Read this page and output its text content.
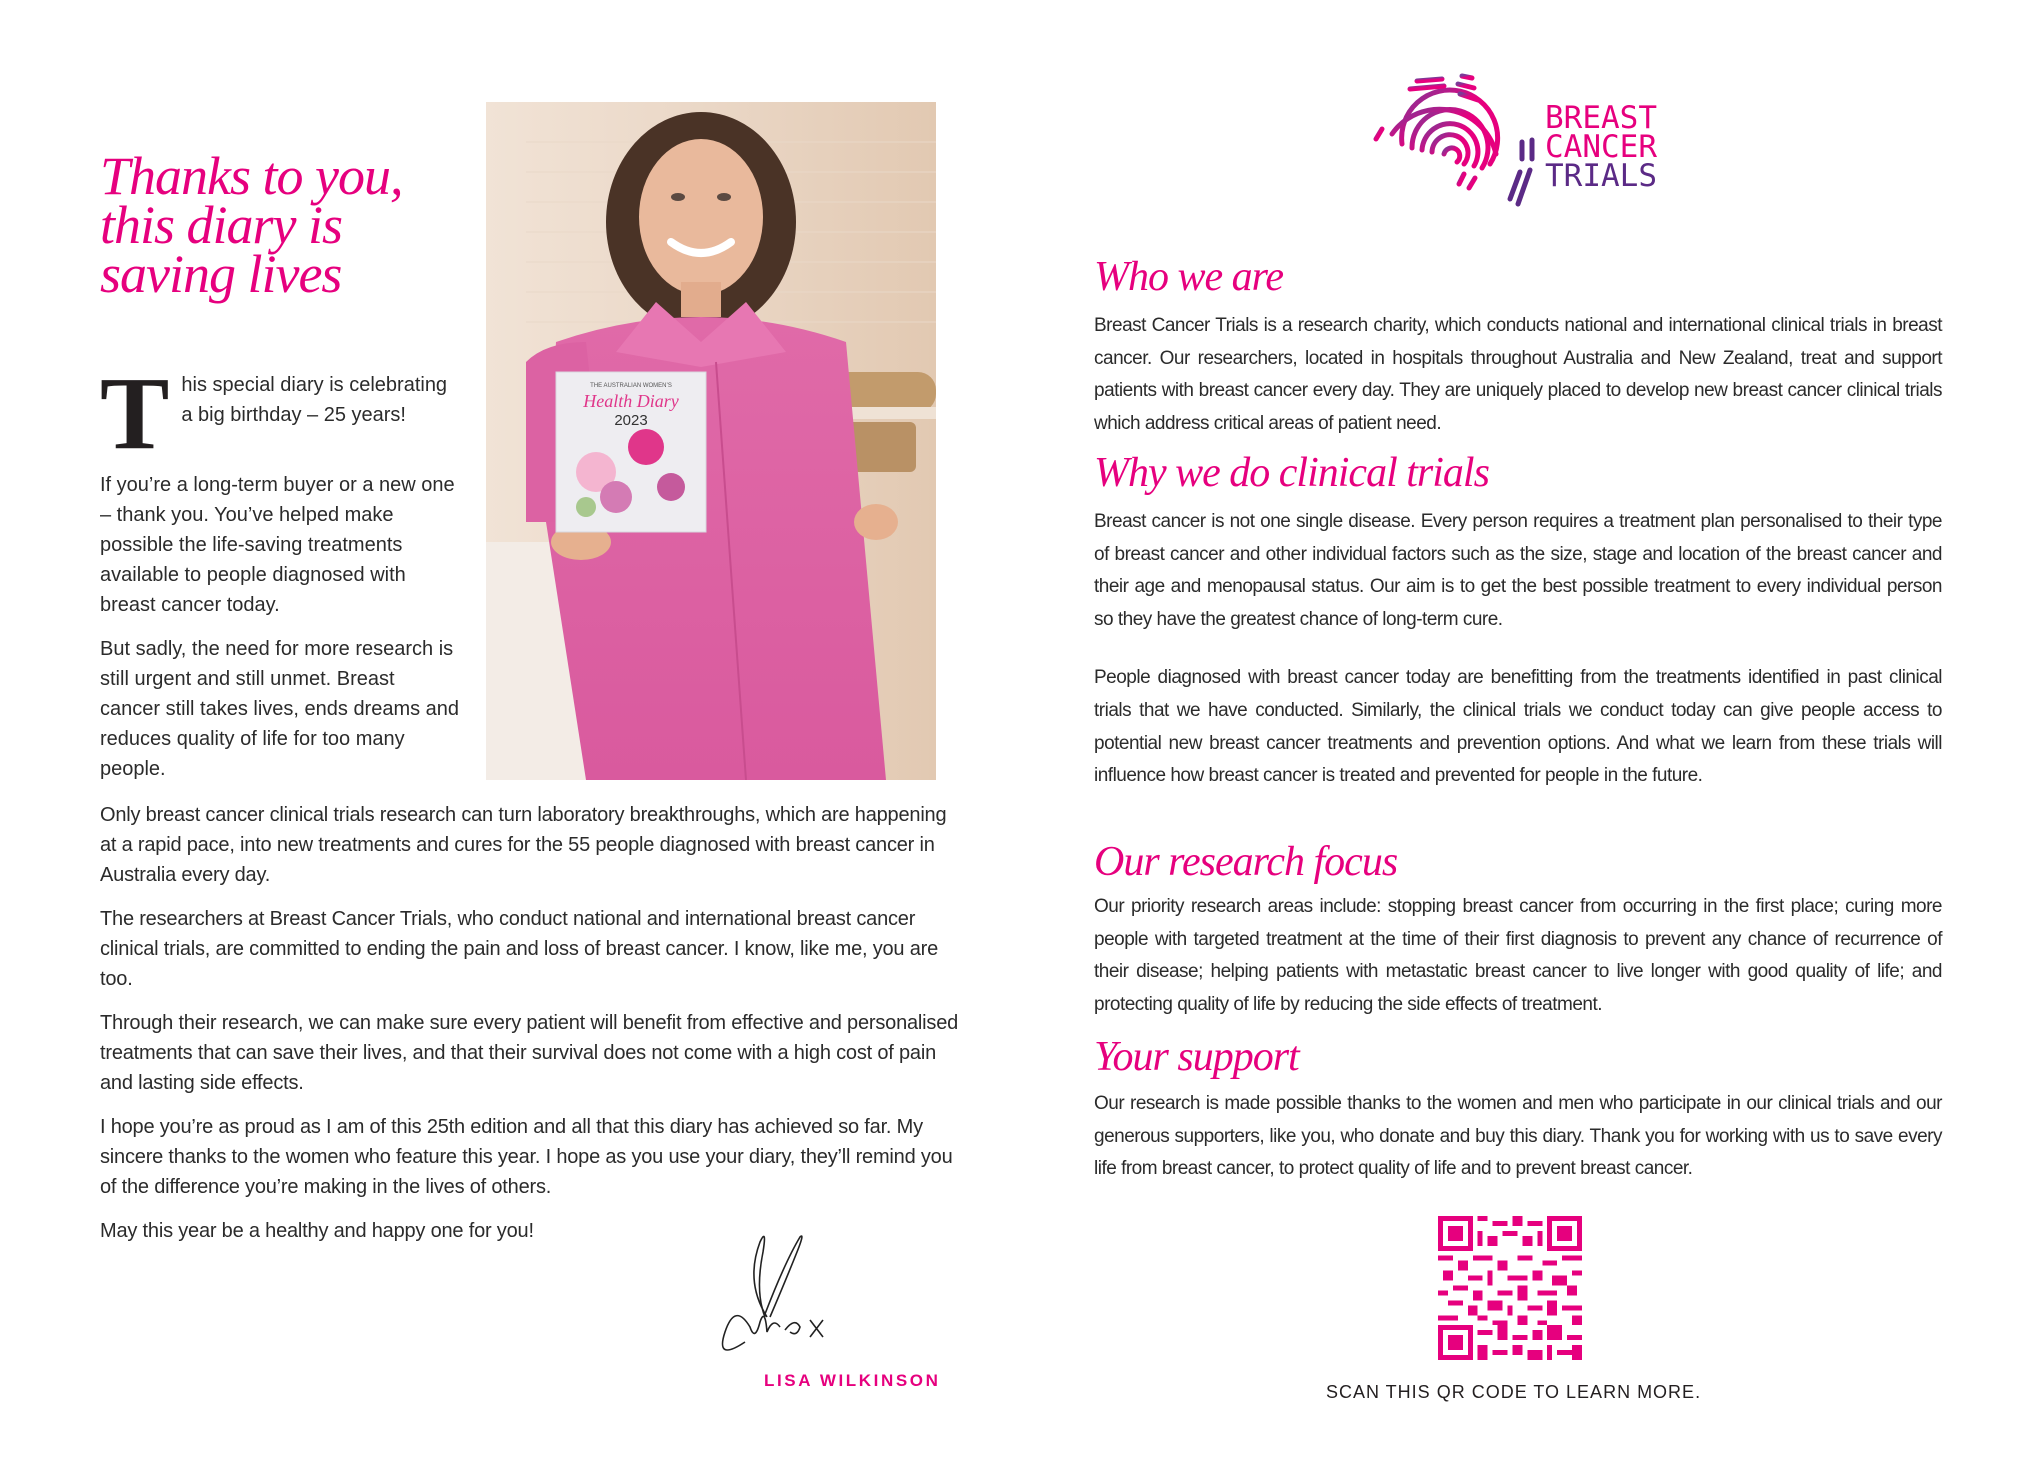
Thanks to you,
this diary is
saving lives
T his special diary is celebrating a big birthday – 25 years!

If you’re a long-term buyer or a new one – thank you. You’ve helped make possible the life-saving treatments available to people diagnosed with breast cancer today.

But sadly, the need for more research is still urgent and still unmet. Breast cancer still takes lives, ends dreams and reduces quality of life for too many people.

Only breast cancer clinical trials research can turn laboratory breakthroughs, which are happening at a rapid pace, into new treatments and cures for the 55 people diagnosed with breast cancer in Australia every day.

The researchers at Breast Cancer Trials, who conduct national and international breast cancer clinical trials, are committed to ending the pain and loss of breast cancer. I know, like me, you are too.

Through their research, we can make sure every patient will benefit from effective and personalised treatments that can save their lives, and that their survival does not come with a high cost of pain and lasting side effects.

I hope you’re as proud as I am of this 25th edition and all that this diary has achieved so far. My sincere thanks to the women who feature this year. I hope as you use your diary, they’ll remind you of the difference you’re making in the lives of others.

May this year be a healthy and happy one for you!

THE AUSTRALIAN WOMEN’S
Health Diary
2023
LISA WILKINSON
BREAST
CANCER
TRIALS
Who we are

Breast Cancer Trials is a research charity, which conducts national and international clinical trials in breast cancer. Our researchers, located in hospitals throughout Australia and New Zealand, treat and support patients with breast cancer every day. They are uniquely placed to develop new breast cancer clinical trials which address critical areas of patient need.

Why we do clinical trials

Breast cancer is not one single disease. Every person requires a treatment plan personalised to their type of breast cancer and other individual factors such as the size, stage and location of the breast cancer and their age and menopausal status. Our aim is to get the best possible treatment to every individual person so they have the greatest chance of long-term cure.

People diagnosed with breast cancer today are benefitting from the treatments identified in past clinical trials that we have conducted. Similarly, the clinical trials we conduct today can give people access to potential new breast cancer treatments and prevention options. And what we learn from these trials will influence how breast cancer is treated and prevented for people in the future.

Our research focus

Our priority research areas include: stopping breast cancer from occurring in the first place; curing more people with targeted treatment at the time of their first diagnosis to prevent any chance of recurrence of their disease; helping patients with metastatic breast cancer to live longer with good quality of life; and protecting quality of life by reducing the side effects of treatment.

Your support

Our research is made possible thanks to the women and men who participate in our clinical trials and our generous supporters, like you, who donate and buy this diary. Thank you for working with us to save every life from breast cancer, to protect quality of life and to prevent breast cancer.

SCAN THIS QR CODE TO LEARN MORE.
